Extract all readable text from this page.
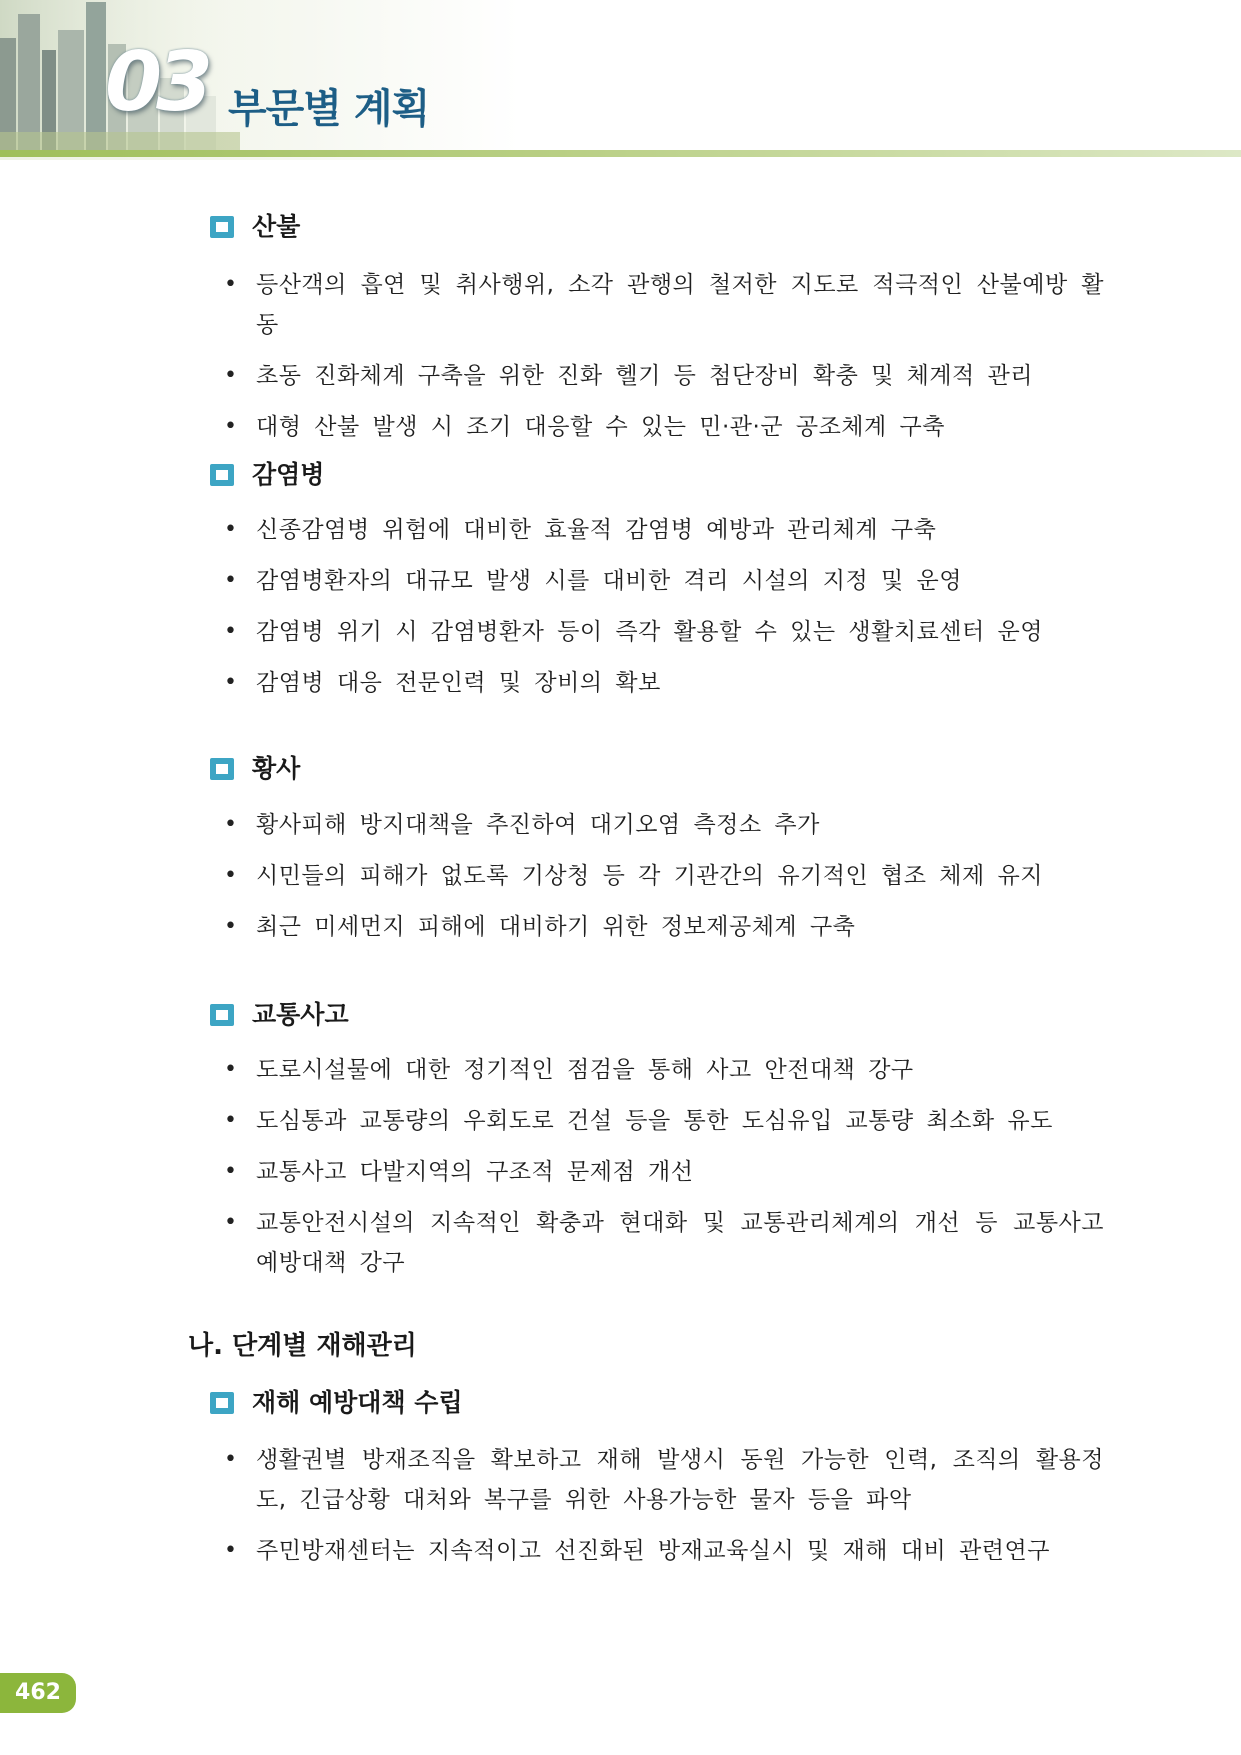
03 부문별 계획
산불
• 등산객의 흡연 및 취사행위, 소각 관행의 철저한 지도로 적극적인 산불예방 활동
• 초동 진화체계 구축을 위한 진화 헬기 등 첨단장비 확충 및 체계적 관리
• 대형 산불 발생 시 조기 대응할 수 있는 민·관·군 공조체계 구축
감염병
• 신종감염병 위험에 대비한 효율적 감염병 예방과 관리체계 구축
• 감염병환자의 대규모 발생 시를 대비한 격리 시설의 지정 및 운영
• 감염병 위기 시 감염병환자 등이 즉각 활용할 수 있는 생활치료센터 운영
• 감염병 대응 전문인력 및 장비의 확보
황사
• 황사피해 방지대책을 추진하여 대기오염 측정소 추가
• 시민들의 피해가 없도록 기상청 등 각 기관간의 유기적인 협조 체제 유지
• 최근 미세먼지 피해에 대비하기 위한 정보제공체계 구축
교통사고
• 도로시설물에 대한 정기적인 점검을 통해 사고 안전대책 강구
• 도심통과 교통량의 우회도로 건설 등을 통한 도심유입 교통량 최소화 유도
• 교통사고 다발지역의 구조적 문제점 개선
• 교통안전시설의 지속적인 확충과 현대화 및 교통관리체계의 개선 등 교통사고 예방대책 강구
나. 단계별 재해관리
재해 예방대책 수립
• 생활권별 방재조직을 확보하고 재해 발생시 동원 가능한 인력, 조직의 활용정도, 긴급상황 대처와 복구를 위한 사용가능한 물자 등을 파악
• 주민방재센터는 지속적이고 선진화된 방재교육실시 및 재해 대비 관련연구
462
